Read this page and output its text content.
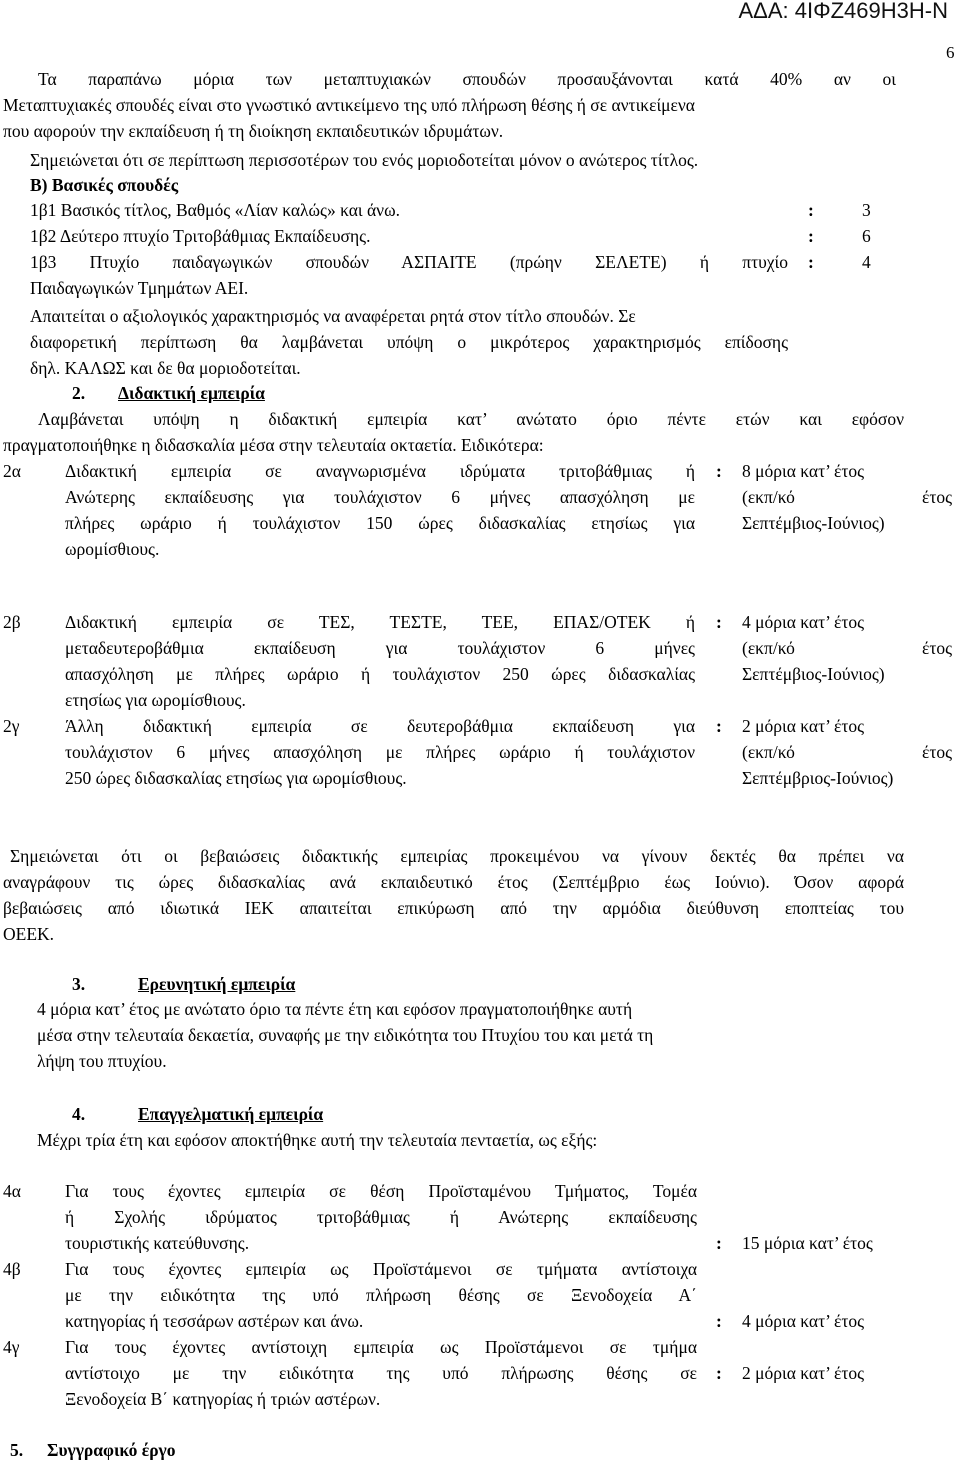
ΑΔΑ: 4ΙΦΖ469Η3Η-Ν
6
Τα παραπάνω μόρια των μεταπτυχιακών σπουδών προσαυξάνονται κατά 40% αν οι
Μεταπτυχιακές σπουδές είναι στο γνωστικό αντικείμενο της υπό πλήρωση θέσης ή σε αντικείμενα
που αφορούν την εκπαίδευση ή τη διοίκηση εκπαιδευτικών ιδρυμάτων.
Σημειώνεται ότι σε περίπτωση περισσοτέρων του ενός μοριοδοτείται μόνον ο ανώτερος τίτλος.
Β) Βασικές σπουδές
1β1 Βασικός τίτλος, Βαθμός «Λίαν καλώς» και άνω.	:	3
1β2 Δεύτερο πτυχίο Τριτοβάθμιας Εκπαίδευσης.	:	6
1β3 Πτυχίο παιδαγωγικών σπουδών ΑΣΠΑΙΤΕ (πρώην ΣΕΛΕΤΕ) ή πτυχίο
Παιδαγωγικών Τμημάτων ΑΕΙ.
:	4
Απαιτείται ο αξιολογικός χαρακτηρισμός να αναφέρεται ρητά στον τίτλο σπουδών. Σε
διαφορετική περίπτωση θα λαμβάνεται υπόψη ο μικρότερος χαρακτηρισμός επίδοσης
δηλ. ΚΑΛΩΣ και δε θα μοριοδοτείται.
2. Διδακτική εμπειρία
Λαμβάνεται υπόψη η διδακτική εμπειρία κατ’ ανώτατο όριο πέντε ετών και εφόσον
πραγματοποιήθηκε η διδασκαλία μέσα στην τελευταία οκταετία. Ειδικότερα:
2α	Διδακτική εμπειρία σε αναγνωρισμένα ιδρύματα τριτοβάθμιας ή
Ανώτερης εκπαίδευσης για τουλάχιστον 6 μήνες απασχόληση με
πλήρες ωράριο ή τουλάχιστον 150 ώρες διδασκαλίας ετησίως για
ωρομίσθιους.
: 8 μόρια κατ’ έτος
(εκπ/κό	έτος
Σεπτέμβιος-Ιούνιος)
2β	Διδακτική εμπειρία σε ΤΕΣ, ΤΕΣΤΕ, ΤΕΕ, ΕΠΑΣ/ΟΤΕΚ ή
μεταδευτεροβάθμια εκπαίδευση για τουλάχιστον 6 μήνες
απασχόληση με πλήρες ωράριο ή τουλάχιστον 250 ώρες διδασκαλίας
ετησίως για ωρομίσθιους.
: 4 μόρια κατ’ έτος
(εκπ/κό	έτος
Σεπτέμβιος-Ιούνιος)
2γ	Άλλη διδακτική εμπειρία σε δευτεροβάθμια εκπαίδευση για
τουλάχιστον 6 μήνες απασχόληση με πλήρες ωράριο ή τουλάχιστον
250 ώρες διδασκαλίας ετησίως για ωρομίσθιους.
: 2 μόρια κατ’ έτος
(εκπ/κό	έτος
Σεπτέμβριος-Ιούνιος)
Σημειώνεται ότι οι βεβαιώσεις διδακτικής εμπειρίας προκειμένου να γίνουν δεκτές θα πρέπει να
αναγράφουν τις ώρες διδασκαλίας ανά εκπαιδευτικό έτος (Σεπτέμβριο έως Ιούνιο). Όσον αφορά
βεβαιώσεις από ιδιωτικά ΙΕΚ απαιτείται επικύρωση από την αρμόδια διεύθυνση εποπτείας του
ΟΕΕΚ.
3.	Ερευνητική εμπειρία
4 μόρια κατ’ έτος με ανώτατο όριο τα πέντε έτη και εφόσον πραγματοποιήθηκε αυτή
μέσα στην τελευταία δεκαετία, συναφής με την ειδικότητα του Πτυχίου του και μετά τη
λήψη του πτυχίου.
4.	Επαγγελματική εμπειρία
Μέχρι τρία έτη και εφόσον αποκτήθηκε αυτή την τελευταία πενταετία, ως εξής:
4α	Για τους έχοντες εμπειρία σε θέση Προϊσταμένου Τμήματος, Τομέα
ή Σχολής ιδρύματος τριτοβάθμιας ή Ανώτερης εκπαίδευσης
τουριστικής κατεύθυνσης.	: 15 μόρια κατ’ έτος
4β	Για τους έχοντες εμπειρία ως Προϊστάμενοι σε τμήματα αντίστοιχα
με την ειδικότητα της υπό πλήρωση θέσης σε Ξενοδοχεία Α΄
κατηγορίας ή τεσσάρων αστέρων και άνω.	: 4 μόρια κατ’ έτος
4γ	Για τους έχοντες αντίστοιχη εμπειρία ως Προϊστάμενοι σε τμήμα
αντίστοιχο με την ειδικότητα της υπό πλήρωσης θέσης σε
Ξενοδοχεία Β΄ κατηγορίας ή τριών αστέρων.
: 2 μόρια κατ’ έτος
5. Συγγραφικό έργο
